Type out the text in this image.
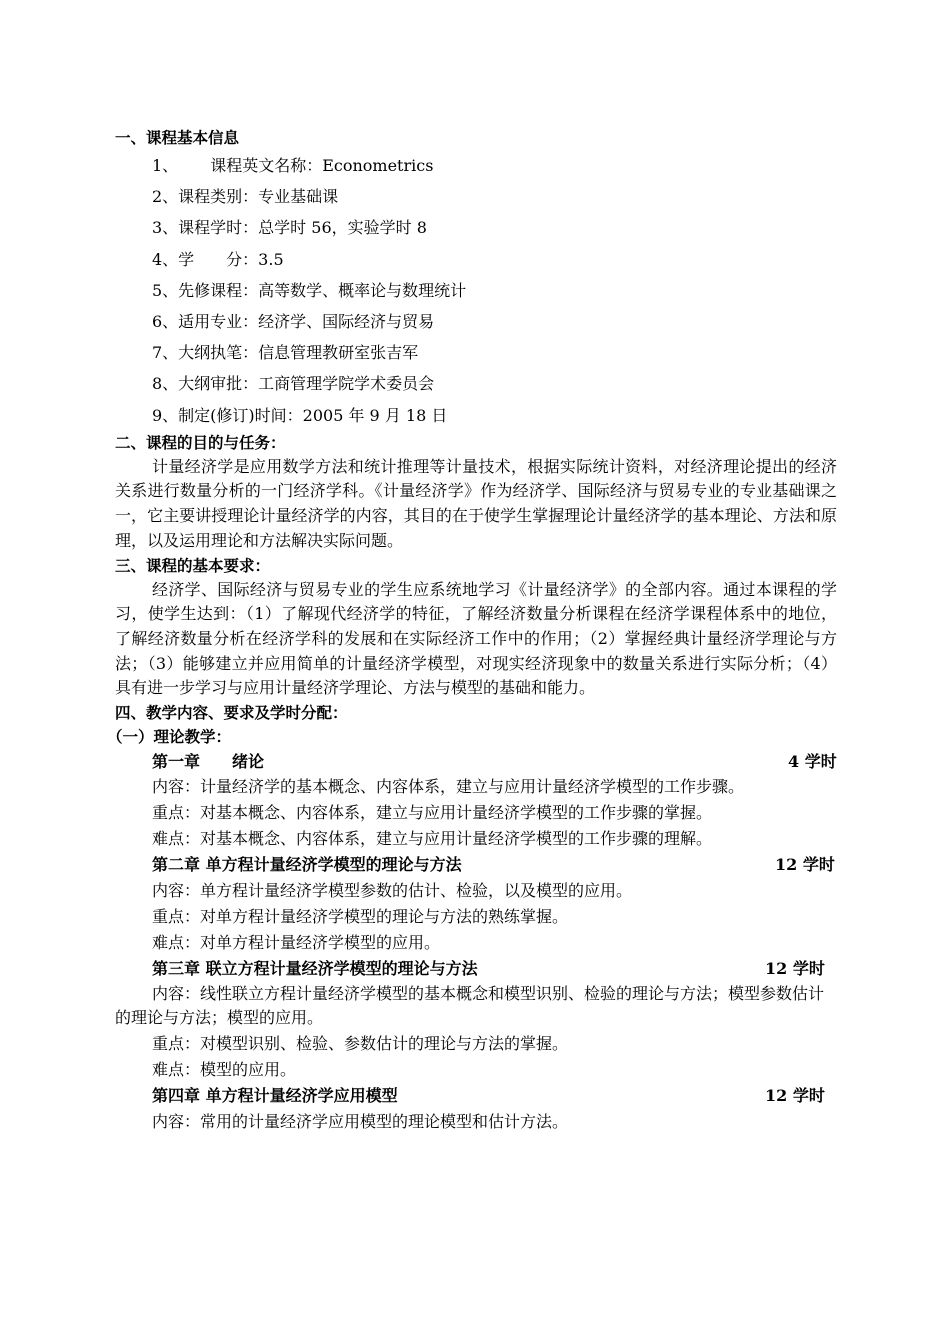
一、课程基本信息
1、 课程英文名称：Econometrics
2、课程类别：专业基础课
3、课程学时：总学时 56，实验学时 8
4、学　　分：3.5
5、先修课程：高等数学、概率论与数理统计
6、适用专业：经济学、国际经济与贸易
7、大纲执笔：信息管理教研室张吉军
8、大纲审批：工商管理学院学术委员会
9、制定(修订)时间：2005 年 9 月 18 日
二、课程的目的与任务：
计量经济学是应用数学方法和统计推理等计量技术，根据实际统计资料，对经济理论提出的经济关系进行数量分析的一门经济学科。《计量经济学》作为经济学、国际经济与贸易专业的专业基础课之一，它主要讲授理论计量经济学的内容，其目的在于使学生掌握理论计量经济学的基本理论、方法和原理，以及运用理论和方法解决实际问题。
三、课程的基本要求：
经济学、国际经济与贸易专业的学生应系统地学习《计量经济学》的全部内容。通过本课程的学习，使学生达到：（1）了解现代经济学的特征，了解经济数量分析课程在经济学课程体系中的地位，了解经济数量分析在经济学科的发展和在实际经济工作中的作用；（2）掌握经典计量经济学理论与方法；（3）能够建立并应用简单的计量经济学模型，对现实经济现象中的数量关系进行实际分析；（4）具有进一步学习与应用计量经济学理论、方法与模型的基础和能力。
四、教学内容、要求及学时分配：
（一）理论教学：
第一章　　绪论	4 学时
内容：计量经济学的基本概念、内容体系，建立与应用计量经济学模型的工作步骤。
重点：对基本概念、内容体系，建立与应用计量经济学模型的工作步骤的掌握。
难点：对基本概念、内容体系，建立与应用计量经济学模型的工作步骤的理解。
第二章 单方程计量经济学模型的理论与方法	12 学时
内容：单方程计量经济学模型参数的估计、检验，以及模型的应用。
重点：对单方程计量经济学模型的理论与方法的熟练掌握。
难点：对单方程计量经济学模型的应用。
第三章 联立方程计量经济学模型的理论与方法	12 学时
内容：线性联立方程计量经济学模型的基本概念和模型识别、检验的理论与方法；模型参数估计的理论与方法；模型的应用。
重点：对模型识别、检验、参数估计的理论与方法的掌握。
难点：模型的应用。
第四章 单方程计量经济学应用模型	12 学时
内容：常用的计量经济学应用模型的理论模型和估计方法。
